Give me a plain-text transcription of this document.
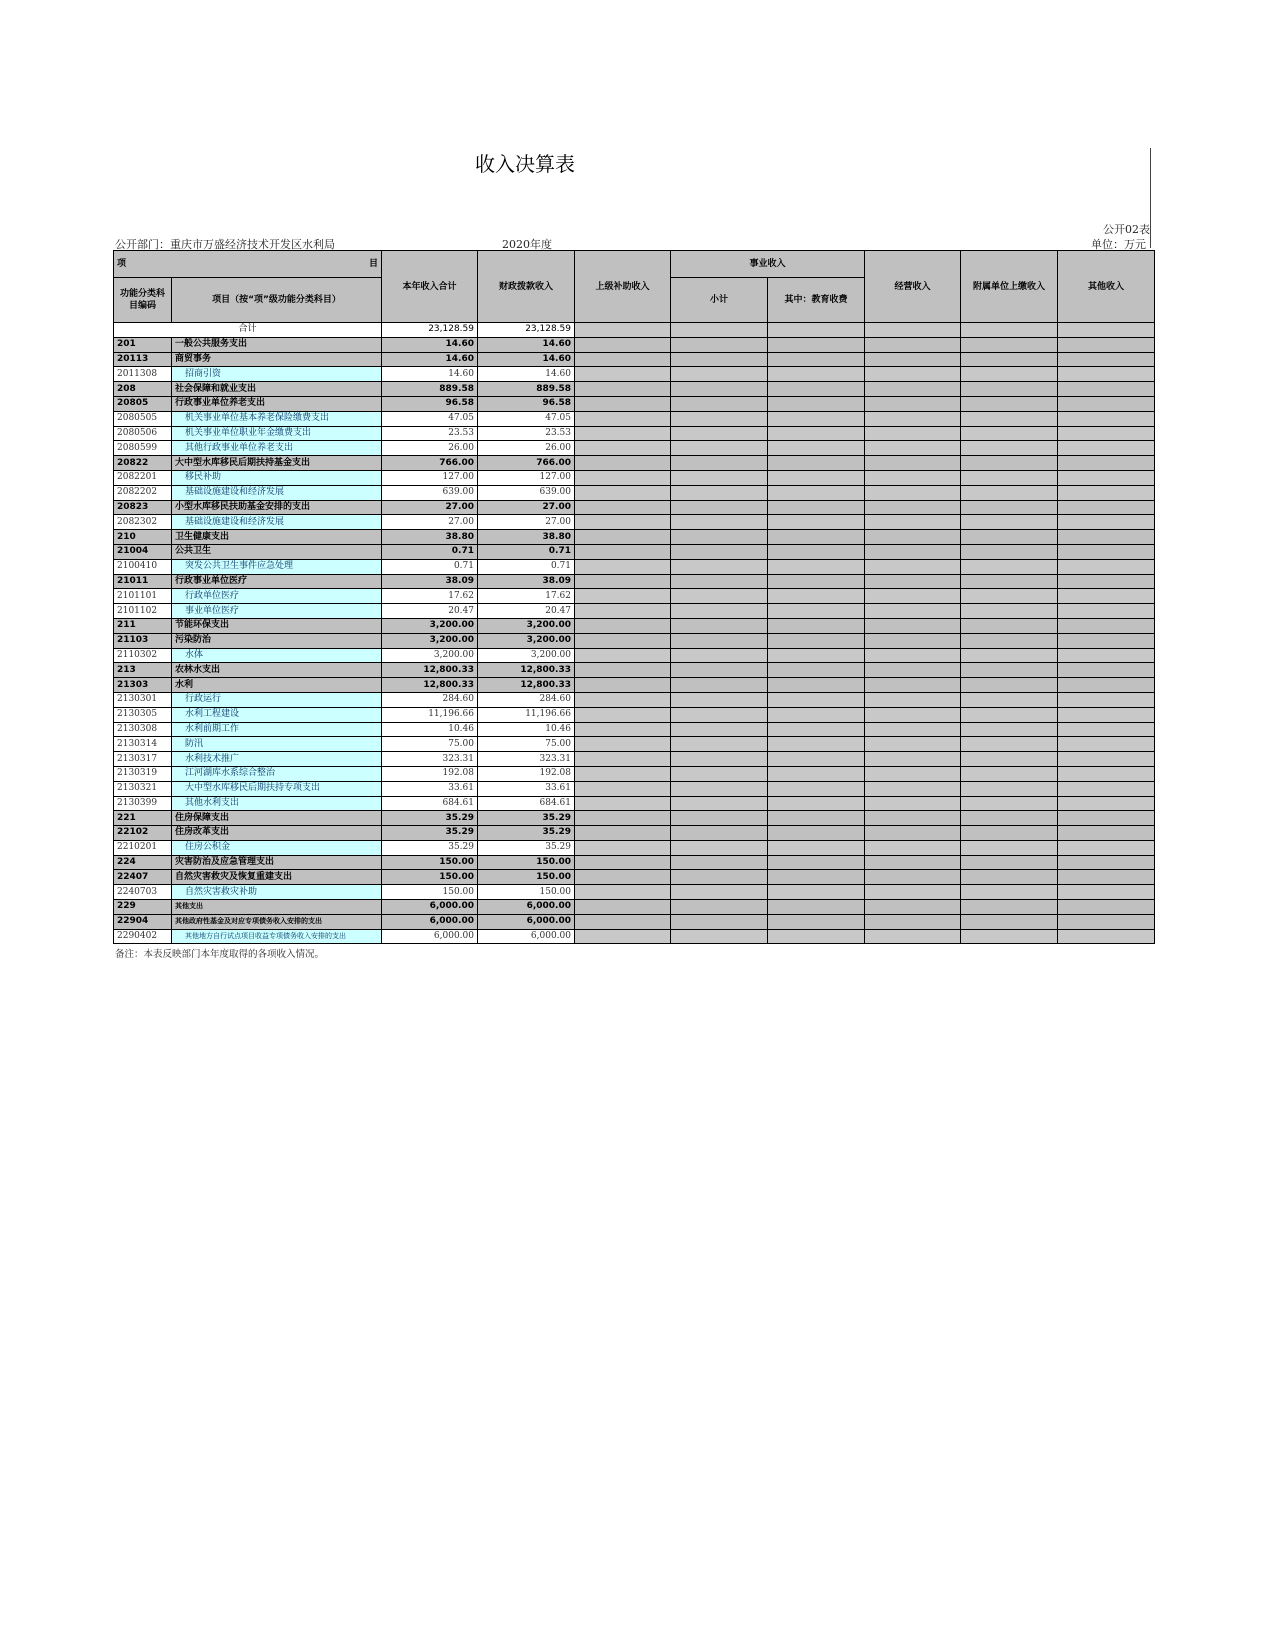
收入决算表
公开02表
公开部门：重庆市万盛经济技术开发区水利局	2020年度	单位：万元
项 目		本年收入合计	财政拨款收入	上级补助收入	事业收入		经营收入	附属单位上缴收入	其他收入
功能分类科目编码	项目（按“项”级功能分类科目）				小计	其中：教育收费			

合计		23,128.59	23,128.59						
201	一般公共服务支出	14.60	14.60						
20113	商贸事务	14.60	14.60						
2011308	招商引资	14.60	14.60						
208	社会保障和就业支出	889.58	889.58						
20805	行政事业单位养老支出	96.58	96.58						
2080505	机关事业单位基本养老保险缴费支出	47.05	47.05						
2080506	机关事业单位职业年金缴费支出	23.53	23.53						
2080599	其他行政事业单位养老支出	26.00	26.00						
20822	大中型水库移民后期扶持基金支出	766.00	766.00						
2082201	移民补助	127.00	127.00						
2082202	基础设施建设和经济发展	639.00	639.00						
20823	小型水库移民扶助基金安排的支出	27.00	27.00						
2082302	基础设施建设和经济发展	27.00	27.00						
210	卫生健康支出	38.80	38.80						
21004	公共卫生	0.71	0.71						
2100410	突发公共卫生事件应急处理	0.71	0.71						
21011	行政事业单位医疗	38.09	38.09						
2101101	行政单位医疗	17.62	17.62						
2101102	事业单位医疗	20.47	20.47						
211	节能环保支出	3,200.00	3,200.00						
21103	污染防治	3,200.00	3,200.00						
2110302	水体	3,200.00	3,200.00						
213	农林水支出	12,800.33	12,800.33						
21303	水利	12,800.33	12,800.33						
2130301	行政运行	284.60	284.60						
2130305	水利工程建设	11,196.66	11,196.66						
2130308	水利前期工作	10.46	10.46						
2130314	防汛	75.00	75.00						
2130317	水利技术推广	323.31	323.31						
2130319	江河湖库水系综合整治	192.08	192.08						
2130321	大中型水库移民后期扶持专项支出	33.61	33.61						
2130399	其他水利支出	684.61	684.61						
221	住房保障支出	35.29	35.29						
22102	住房改革支出	35.29	35.29						
2210201	住房公积金	35.29	35.29						
224	灾害防治及应急管理支出	150.00	150.00						
22407	自然灾害救灾及恢复重建支出	150.00	150.00						
2240703	自然灾害救灾补助	150.00	150.00						
229	其他支出	6,000.00	6,000.00						
22904	其他政府性基金及对应专项债务收入安排的支出	6,000.00	6,000.00						
2290402	其他地方自行试点项目收益专项债务收入安排的支出	6,000.00	6,000.00						
备注：本表反映部门本年度取得的各项收入情况。
